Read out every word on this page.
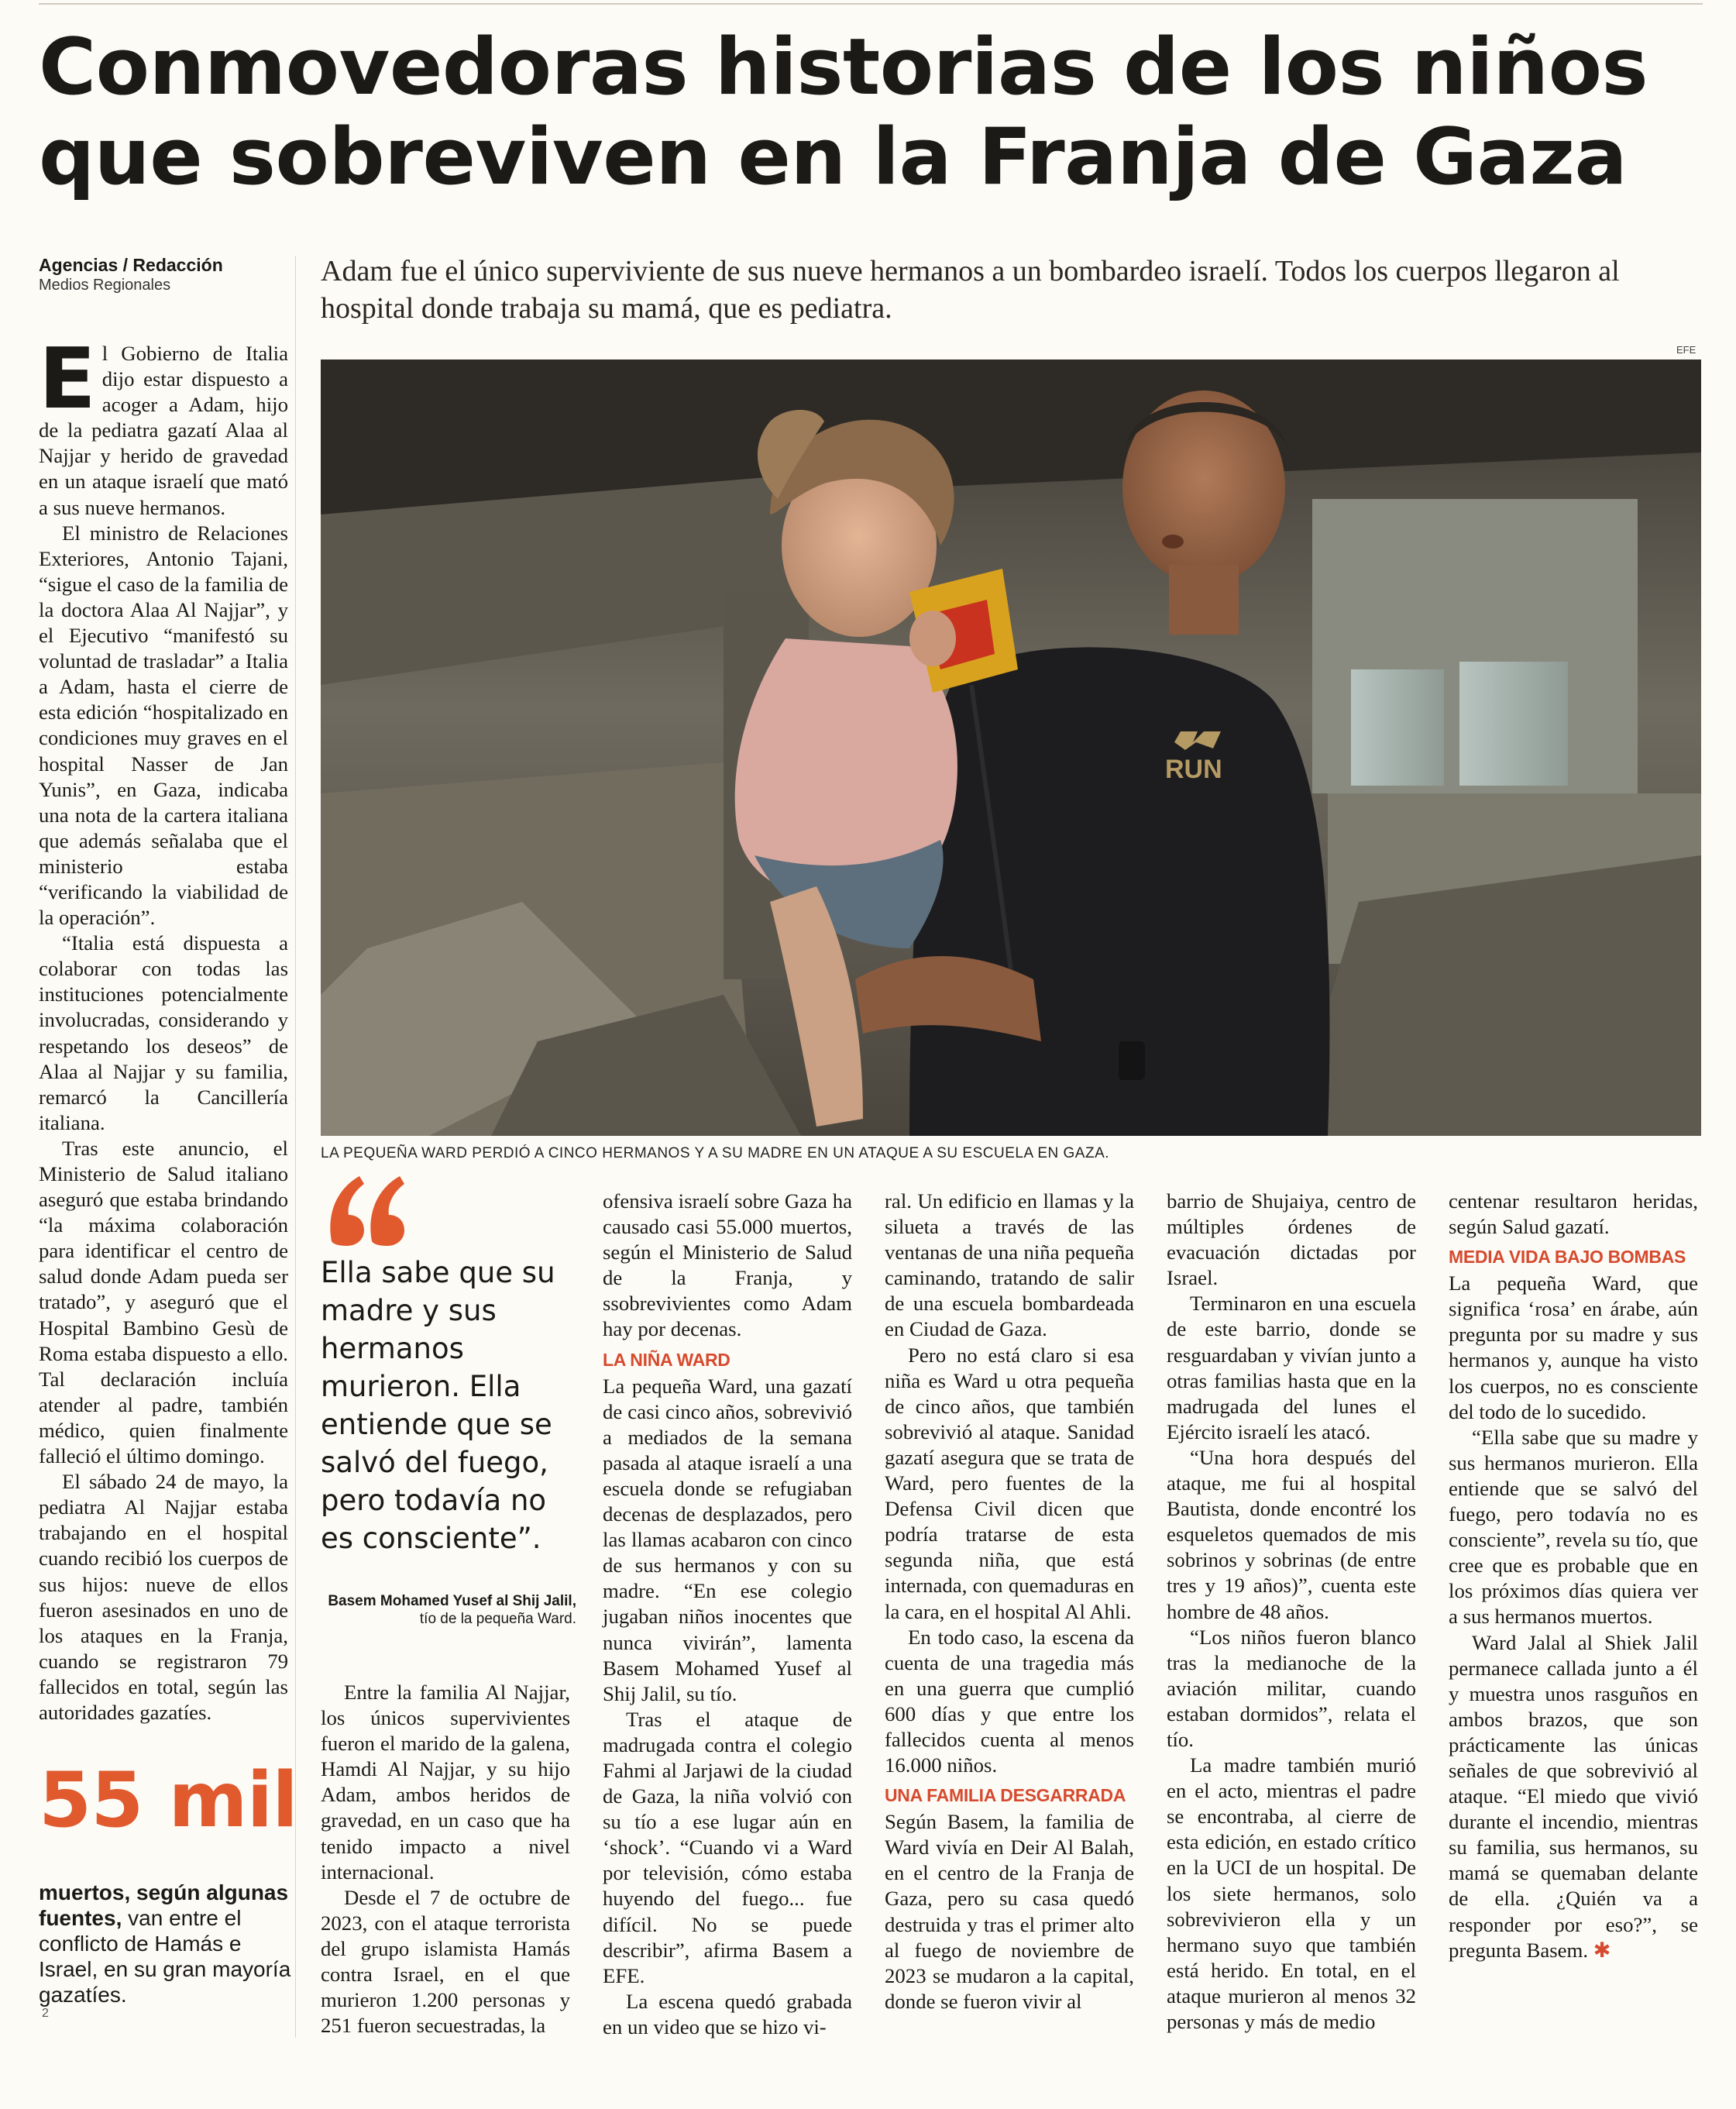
Conmovedoras historias de los niños
que sobreviven en la Franja de Gaza
Agencias / Redacción
Medios Regionales	Adam fue el único superviviente de sus nueve hermanos a un bombardeo israelí. Todos los cuerpos llegaron al hospital donde trabaja su mamá, que es pediatra.

EFE
RUN
LA PEQUEÑA WARD PERDIÓ A CINCO HERMANOS Y A SU MADRE EN UN ATAQUE A SU ESCUELA EN GAZA.

El Gobierno de Italia dijo estar dispuesto a acoger a Adam, hijo de la pediatra gazatí Alaa al Najjar y herido de gravedad en un ataque israelí que mató a sus nueve hermanos.

El ministro de Relaciones Exteriores, Antonio Tajani, “sigue el caso de la familia de la doctora Alaa Al Najjar”, y el Ejecutivo “manifestó su voluntad de trasladar” a Italia a Adam, hasta el cierre de esta edición “hospitalizado en condiciones muy graves en el hospital Nasser de Jan Yunis”, en Gaza, indicaba una nota de la cartera italiana que además señalaba que el ministerio estaba “verificando la viabilidad de la operación”.

“Italia está dispuesta a colaborar con todas las instituciones potencialmente involucradas, considerando y respetando los deseos” de Alaa al Najjar y su familia, remarcó la Cancillería italiana.

Tras este anuncio, el Ministerio de Salud italiano aseguró que estaba brindando “la máxima colaboración para identificar el centro de salud donde Adam pueda ser tratado”, y aseguró que el Hospital Bambino Gesù de Roma estaba dispuesto a ello. Tal declaración incluía atender al padre, también médico, quien finalmente falleció el último domingo.

El sábado 24 de mayo, la pediatra Al Najjar estaba trabajando en el hospital cuando recibió los cuerpos de sus hijos: nueve de ellos fueron asesinados en uno de los ataques en la Franja, cuando se registraron 79 fallecidos en total, según las autoridades gazatíes.

55 mil
muertos, según algunas fuentes, van entre el conflicto de Hamás e Israel, en su gran mayoría gazatíes.
2
Ella sabe que su madre y sus hermanos murieron. Ella entiende que se salvó del fuego, pero todavía no es consciente”.
Basem Mohamed Yusef al Shij Jalil, tío de la pequeña Ward.

Entre la familia Al Najjar, los únicos supervivientes fueron el marido de la galena, Hamdi Al Najjar, y su hijo Adam, ambos heridos de gravedad, en un caso que ha tenido impacto a nivel internacional.

Desde el 7 de octubre de 2023, con el ataque terrorista del grupo islamista Hamás contra Israel, en el que murieron 1.200 personas y 251 fueron secuestradas, la

ofensiva israelí sobre Gaza ha causado casi 55.000 muertos, según el Ministerio de Salud de la Franja, y ssobrevivientes como Adam hay por decenas.

LA NIÑA WARD

La pequeña Ward, una gazatí de casi cinco años, sobrevivió a mediados de la semana pasada al ataque israelí a una escuela donde se refugiaban decenas de desplazados, pero las llamas acabaron con cinco de sus hermanos y con su madre. “En ese colegio jugaban niños inocentes que nunca vivirán”, lamenta Basem Mohamed Yusef al Shij Jalil, su tío.

Tras el ataque de madrugada contra el colegio Fahmi al Jarjawi de la ciudad de Gaza, la niña volvió con su tío a ese lugar aún en ‘shock’. “Cuando vi a Ward por televisión, cómo estaba huyendo del fuego... fue difícil. No se puede describir”, afirma Basem a EFE.

La escena quedó grabada en un video que se hizo vi-

ral. Un edificio en llamas y la silueta a través de las ventanas de una niña pequeña caminando, tratando de salir de una escuela bombardeada en Ciudad de Gaza.

Pero no está claro si esa niña es Ward u otra pequeña de cinco años, que también sobrevivió al ataque. Sanidad gazatí asegura que se trata de Ward, pero fuentes de la Defensa Civil dicen que podría tratarse de esta segunda niña, que está internada, con quemaduras en la cara, en el hospital Al Ahli.

En todo caso, la escena da cuenta de una tragedia más en una guerra que cumplió 600 días y que entre los fallecidos cuenta al menos 16.000 niños.

UNA FAMILIA DESGARRADA

Según Basem, la familia de Ward vivía en Deir Al Balah, en el centro de la Franja de Gaza, pero su casa quedó destruida y tras el primer alto al fuego de noviembre de 2023 se mudaron a la capital, donde se fueron vivir al

barrio de Shujaiya, centro de múltiples órdenes de evacuación dictadas por Israel.

Terminaron en una escuela de este barrio, donde se resguardaban y vivían junto a otras familias hasta que en la madrugada del lunes el Ejército israelí les atacó.

“Una hora después del ataque, me fui al hospital Bautista, donde encontré los esqueletos quemados de mis sobrinos y sobrinas (de entre tres y 19 años)”, cuenta este hombre de 48 años.

“Los niños fueron blanco tras la medianoche de la aviación militar, cuando estaban dormidos”, relata el tío.

La madre también murió en el acto, mientras el padre se encontraba, al cierre de esta edición, en estado crítico en la UCI de un hospital. De los siete hermanos, solo sobrevivieron ella y un hermano suyo que también está herido. En total, en el ataque murieron al menos 32 personas y más de medio

centenar resultaron heridas, según Salud gazatí.

MEDIA VIDA BAJO BOMBAS

La pequeña Ward, que significa ‘rosa’ en árabe, aún pregunta por su madre y sus hermanos y, aunque ha visto los cuerpos, no es consciente del todo de lo sucedido.

“Ella sabe que su madre y sus hermanos murieron. Ella entiende que se salvó del fuego, pero todavía no es consciente”, revela su tío, que cree que es probable que en los próximos días quiera ver a sus hermanos muertos.

Ward Jalal al Shiek Jalil permanece callada junto a él y muestra unos rasguños en ambos brazos, que son prácticamente las únicas señales de que sobrevivió al ataque. “El miedo que vivió durante el incendio, mientras su familia, sus hermanos, su mamá se quemaban delante de ella. ¿Quién va a responder por eso?”, se pregunta Basem. ✱
